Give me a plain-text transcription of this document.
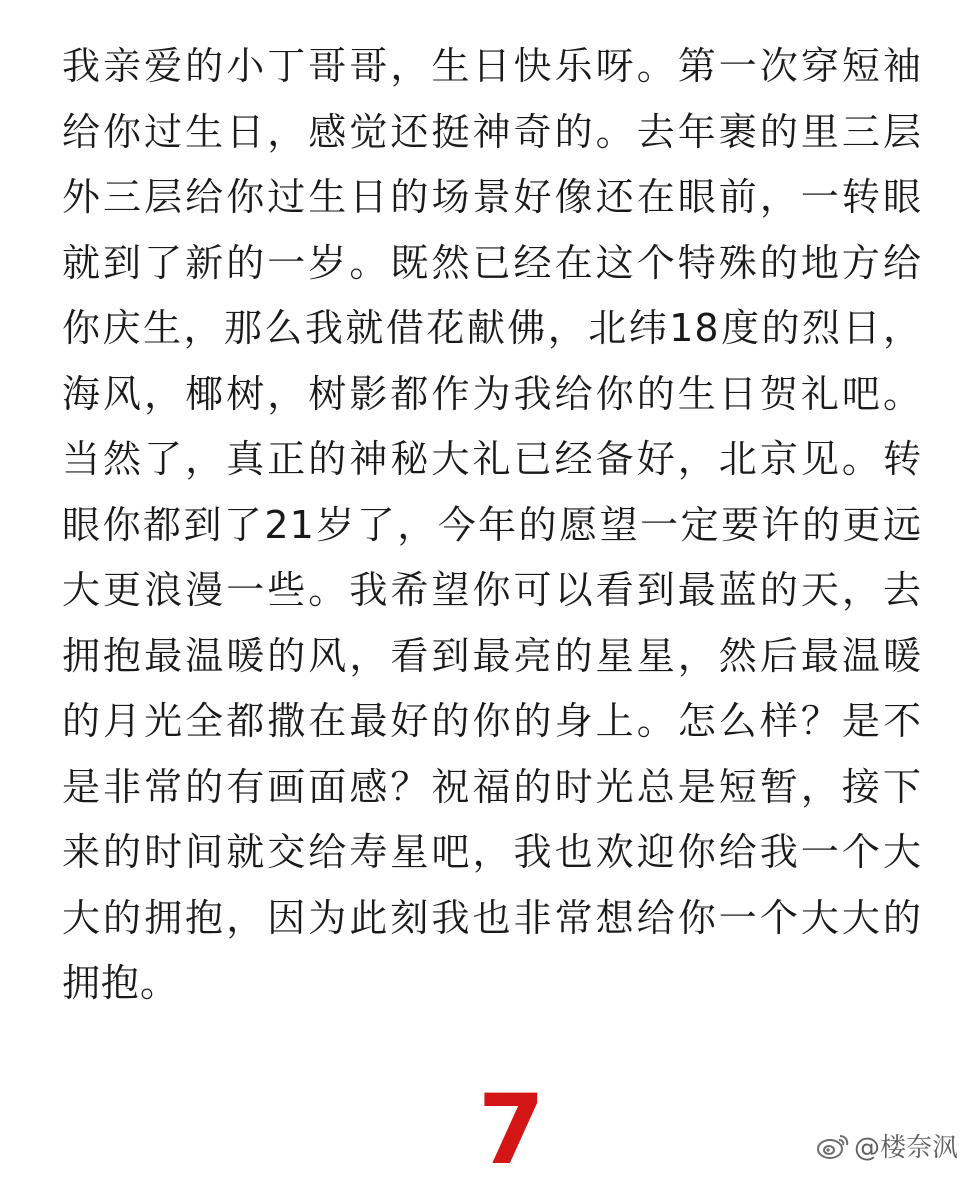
我亲爱的小丁哥哥，生日快乐呀。第一次穿短袖
给你过生日，感觉还挺神奇的。去年裹的里三层
外三层给你过生日的场景好像还在眼前，一转眼
就到了新的一岁。既然已经在这个特殊的地方给
你庆生，那么我就借花献佛，北纬18度的烈日，
海风，椰树，树影都作为我给你的生日贺礼吧。
当然了，真正的神秘大礼已经备好，北京见。转
眼你都到了21岁了，今年的愿望一定要许的更远
大更浪漫一些。我希望你可以看到最蓝的天，去
拥抱最温暖的风，看到最亮的星星，然后最温暖
的月光全都撒在最好的你的身上。怎么样？是不
是非常的有画面感？祝福的时光总是短暂，接下
来的时间就交给寿星吧，我也欢迎你给我一个大
大的拥抱，因为此刻我也非常想给你一个大大的
拥抱。
7	@楼奈沨
